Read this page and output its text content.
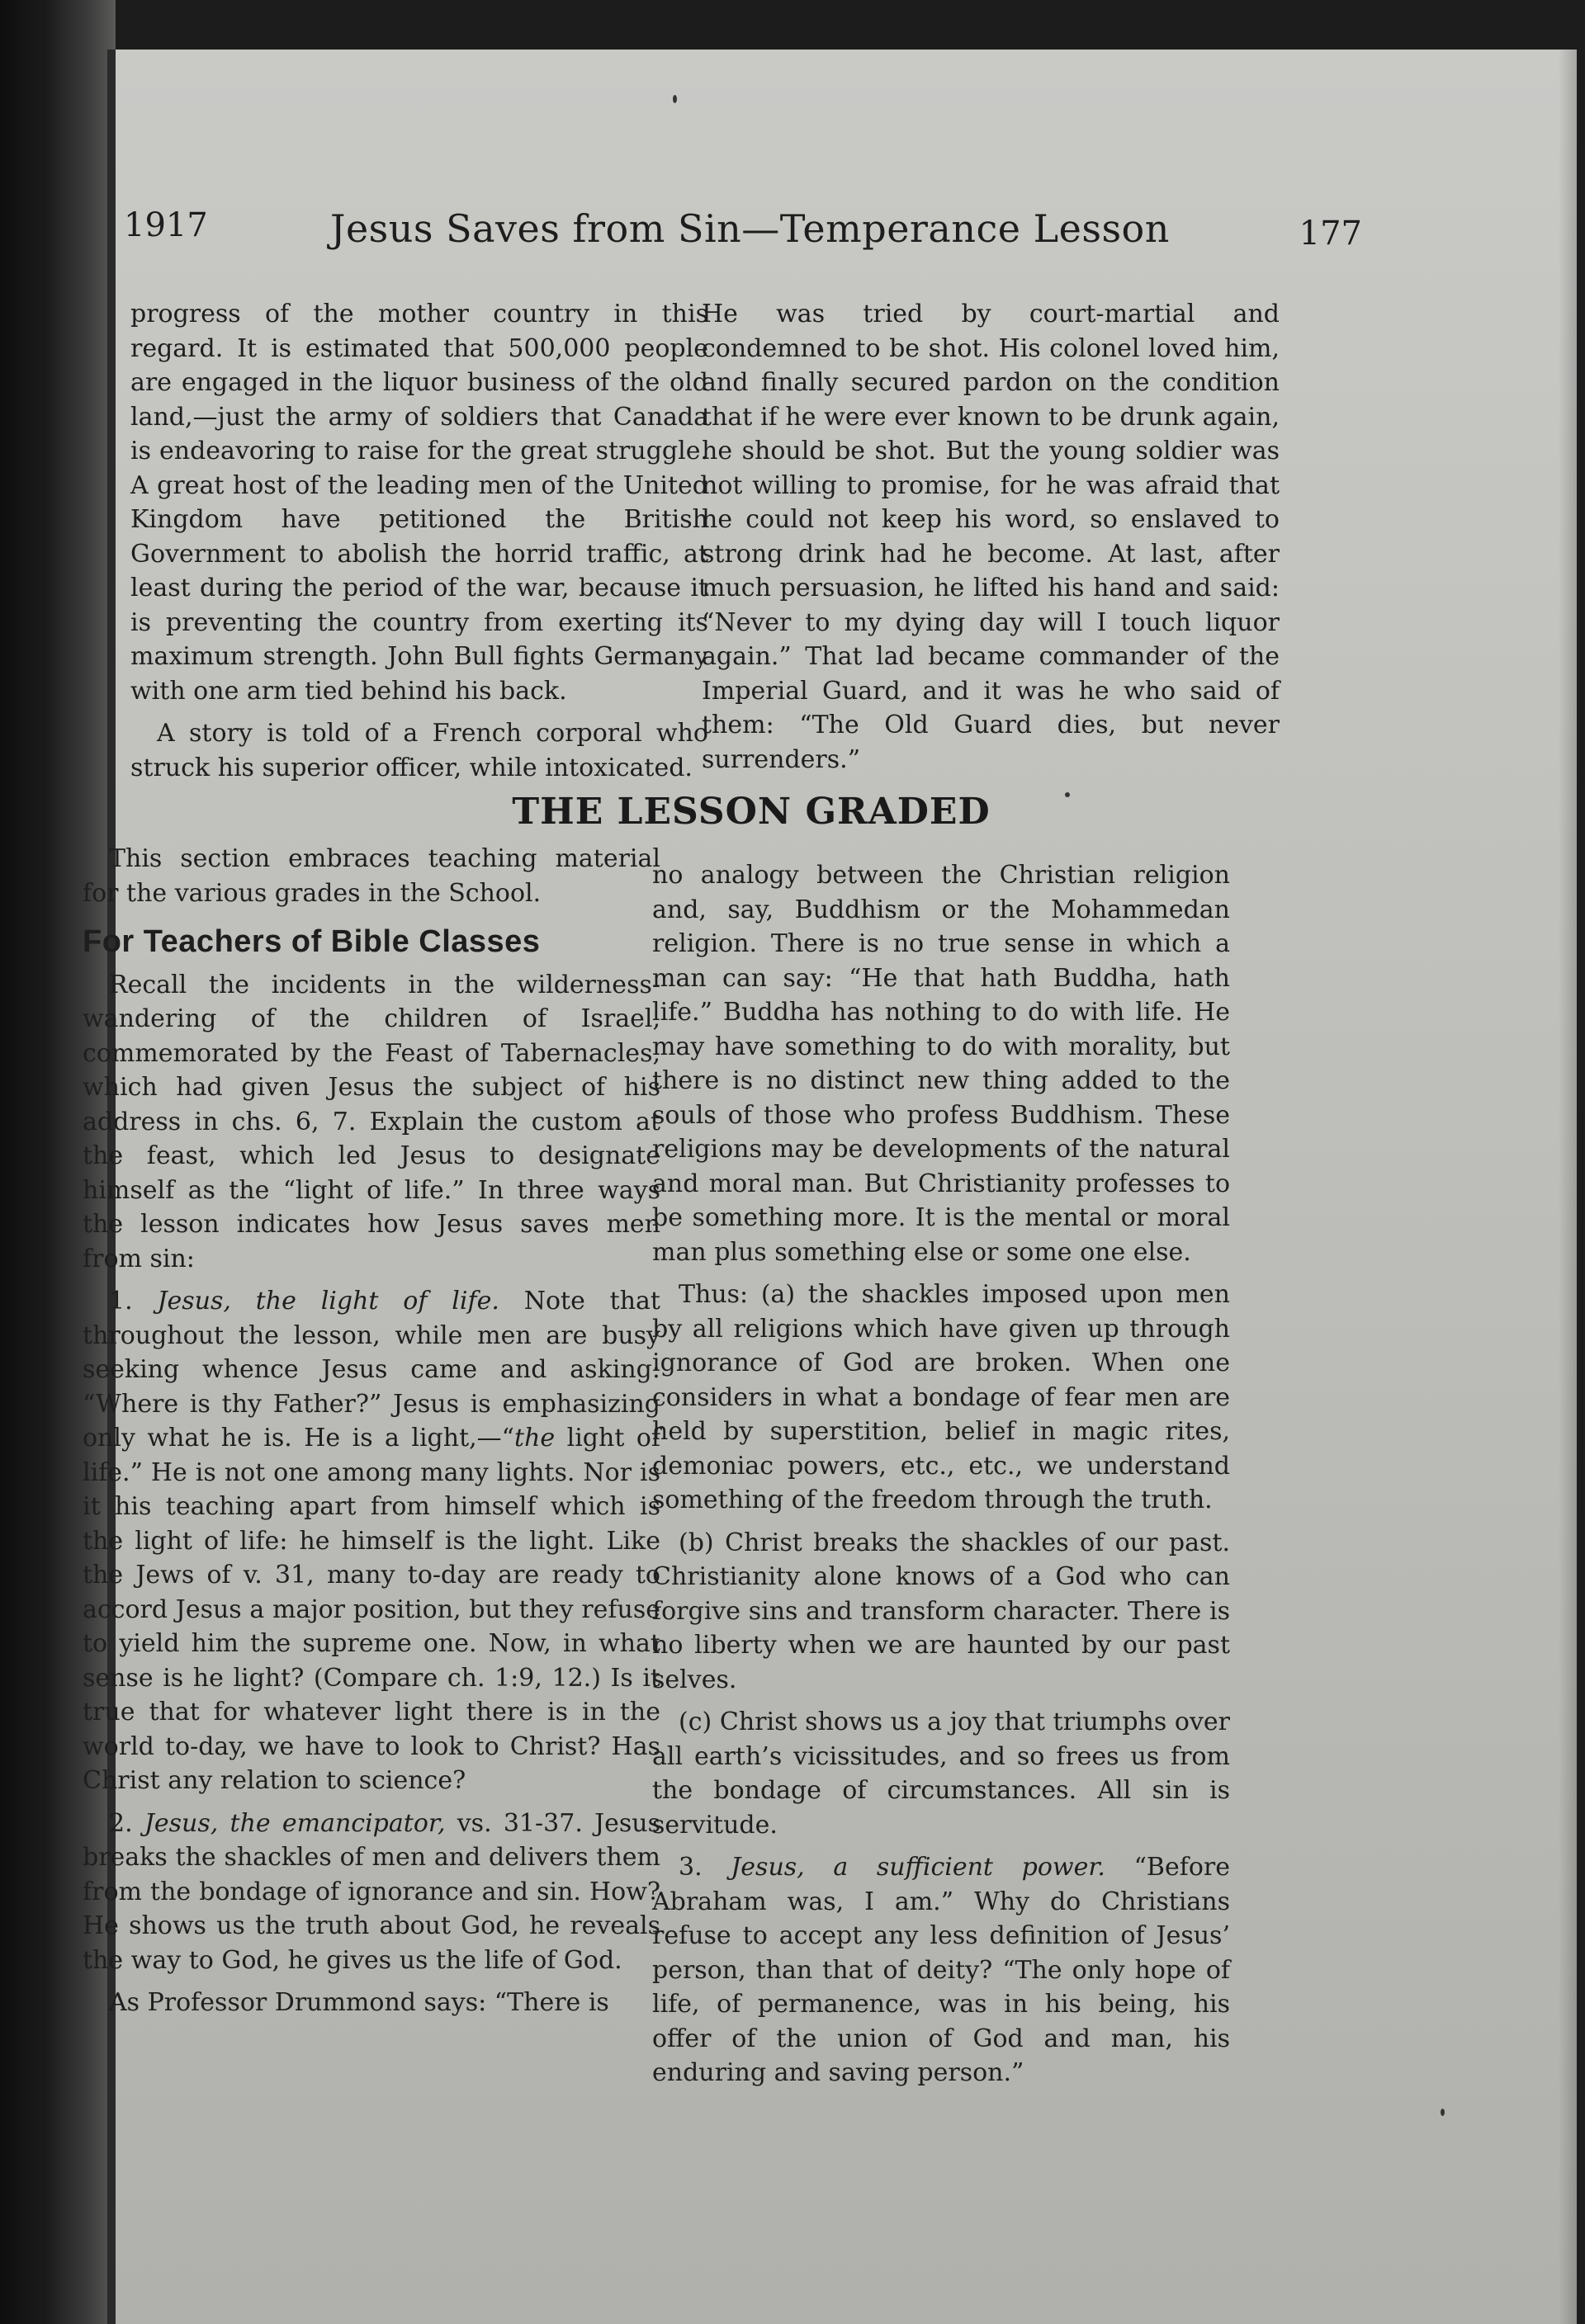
1917	Jesus Saves from Sin—Temperance Lesson	177

progress of the mother country in this regard. It is estimated that 500,000 people are engaged in the liquor business of the old land,—just the army of soldiers that Canada is endeavoring to raise for the great struggle. A great host of the leading men of the United Kingdom have petitioned the British Government to abolish the horrid traffic, at least during the period of the war, because it is preventing the country from exerting its maximum strength. John Bull fights Germany with one arm tied behind his back.

A story is told of a French corporal who struck his superior officer, while intoxicated.

He was tried by court-martial and condemned to be shot. His colonel loved him, and finally secured pardon on the condition that if he were ever known to be drunk again, he should be shot. But the young soldier was not willing to promise, for he was afraid that he could not keep his word, so enslaved to strong drink had he become. At last, after much persuasion, he lifted his hand and said: “Never to my dying day will I touch liquor again.” That lad became commander of the Imperial Guard, and it was he who said of them: “The Old Guard dies, but never surrenders.”

THE LESSON GRADED

This section embraces teaching material for the various grades in the School.

For Teachers of Bible Classes

Recall the incidents in the wilderness-wandering of the children of Israel, commemorated by the Feast of Tabernacles, which had given Jesus the subject of his address in chs. 6, 7. Explain the custom at the feast, which led Jesus to designate himself as the “light of life.” In three ways the lesson indicates how Jesus saves men from sin:

1. Jesus, the light of life. Note that throughout the lesson, while men are busy seeking whence Jesus came and asking: “Where is thy Father?” Jesus is emphasizing only what he is. He is a light,—“the light of life.” He is not one among many lights. Nor is it his teaching apart from himself which is the light of life: he himself is the light. Like the Jews of v. 31, many to-day are ready to accord Jesus a major position, but they refuse to yield him the supreme one. Now, in what sense is he light? (Compare ch. 1:9, 12.) Is it true that for whatever light there is in the world to-day, we have to look to Christ? Has Christ any relation to science?

2. Jesus, the emancipator, vs. 31-37. Jesus breaks the shackles of men and delivers them from the bondage of ignorance and sin. How? He shows us the truth about God, he reveals the way to God, he gives us the life of God.

As Professor Drummond says: “There is

no analogy between the Christian religion and, say, Buddhism or the Mohammedan religion. There is no true sense in which a man can say: “He that hath Buddha, hath life.” Buddha has nothing to do with life. He may have something to do with morality, but there is no distinct new thing added to the souls of those who profess Buddhism. These religions may be developments of the natural and moral man. But Christianity professes to be something more. It is the mental or moral man plus something else or some one else.

Thus: (a) the shackles imposed upon men by all religions which have given up through ignorance of God are broken. When one considers in what a bondage of fear men are held by superstition, belief in magic rites, demoniac powers, etc., etc., we understand something of the freedom through the truth.

(b) Christ breaks the shackles of our past. Christianity alone knows of a God who can forgive sins and transform character. There is no liberty when we are haunted by our past selves.

(c) Christ shows us a joy that triumphs over all earth’s vicissitudes, and so frees us from the bondage of circumstances. All sin is servitude.

3. Jesus, a sufficient power. “Before Abraham was, I am.” Why do Christians refuse to accept any less definition of Jesus’ person, than that of deity? “The only hope of life, of permanence, was in his being, his offer of the union of God and man, his enduring and saving person.”
